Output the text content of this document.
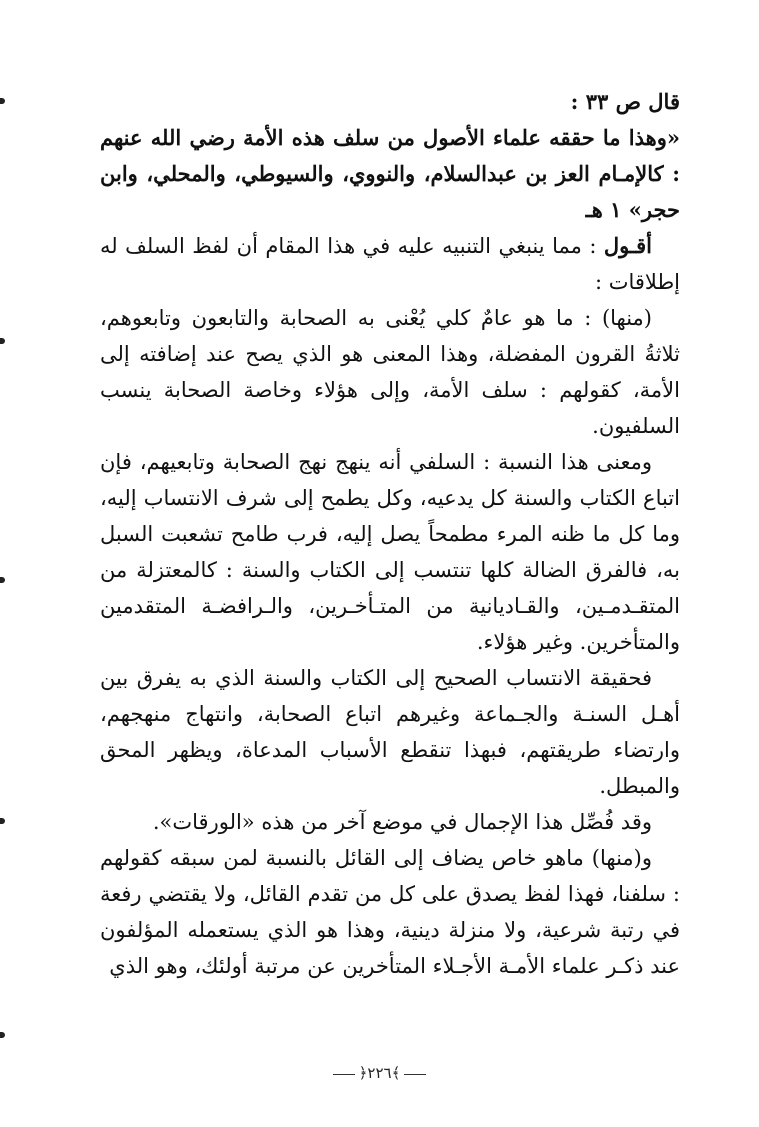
قال ص ٣٣ :

«وهذا ما حققه علماء الأصول من سلف هذه الأمة رضي الله عنهم : كالإمـام العز بن عبدالسلام، والنووي، والسيوطي، والمحلي، وابن حجر» ١ هـ

أقـول : مما ينبغي التنبيه عليه في هذا المقام أن لفظ السلف له إطلاقات :

(منها) : ما هو عامٌ كلي يُعْنى به الصحابة والتابعون وتابعوهم، ثلاثةُ القرون المفضلة، وهذا المعنى هو الذي يصح عند إضافته إلى الأمة، كقولهم : سلف الأمة، وإلى هؤلاء وخاصة الصحابة ينسب السلفيون.

ومعنى هذا النسبة : السلفي أنه ينهج نهج الصحابة وتابعيهم، فإن اتباع الكتاب والسنة كل يدعيه، وكل يطمح إلى شرف الانتساب إليه، وما كل ما ظنه المرء مطمحاً يصل إليه، فرب طامح تشعبت السبل به، فالفرق الضالة كلها تنتسب إلى الكتاب والسنة : كالمعتزلة من المتقـدمـين، والقـاديانية من المتـأخـرين، والـرافضـة المتقدمين والمتأخرين. وغير هؤلاء.

فحقيقة الانتساب الصحيح إلى الكتاب والسنة الذي به يفرق بين أهـل السنـة والجـماعة وغيرهم اتباع الصحابة، وانتهاج منهجهم، وارتضاء طريقتهم، فبهذا تنقطع الأسباب المدعاة، ويظهر المحق والمبطل.

وقد فُصِّل هذا الإجمال في موضع آخر من هذه «الورقات».

و(منها) ماهو خاص يضاف إلى القائل بالنسبة لمن سبقه كقولهم : سلفنا، فهذا لفظ يصدق على كل من تقدم القائل، ولا يقتضي رفعة في رتبة شرعية، ولا منزلة دينية، وهذا هو الذي يستعمله المؤلفون عند ذكـر علماء الأمـة الأجـلاء المتأخرين عن مرتبة أولئك، وهو الذي

﴾٢٢٦﴿
